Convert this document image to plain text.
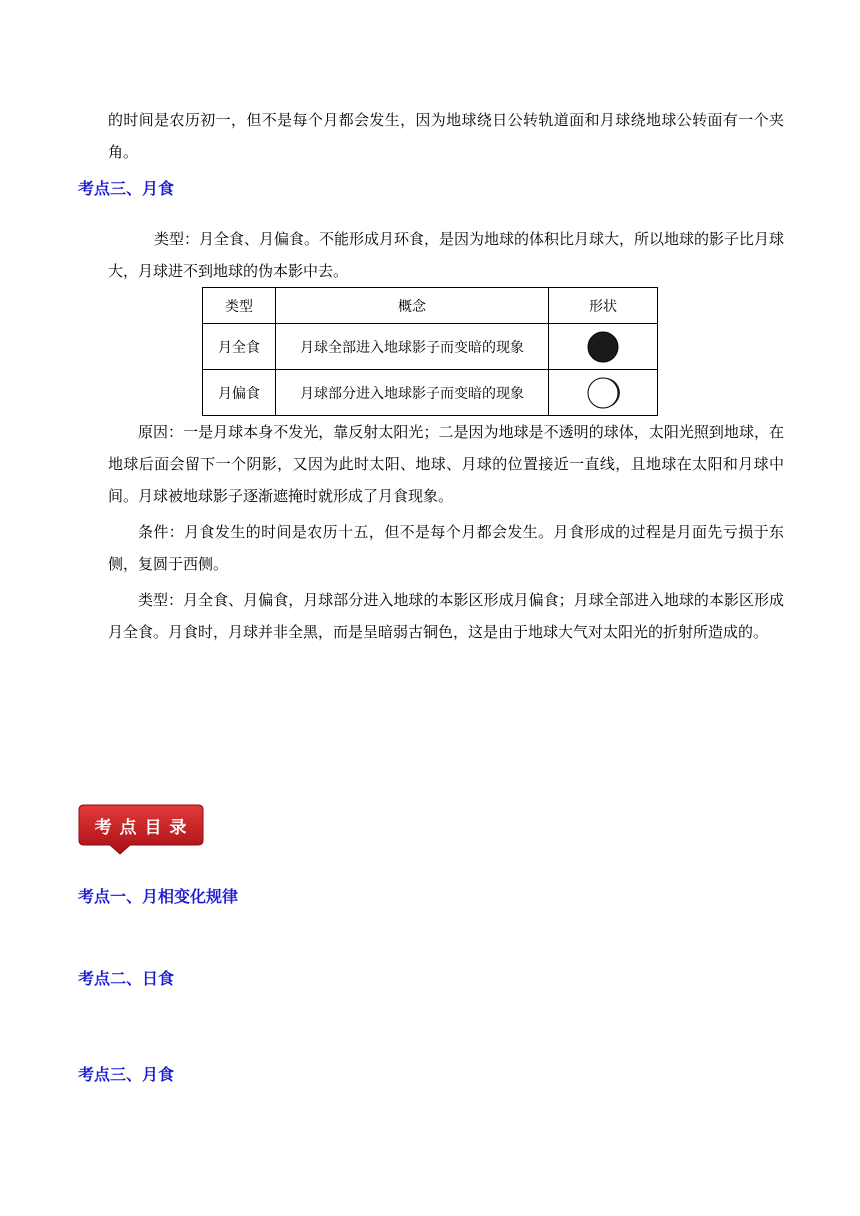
的时间是农历初一，但不是每个月都会发生，因为地球绕日公转轨道面和月球绕地球公转面有一个夹角。

考点三、月食

类型：月全食、月偏食。不能形成月环食，是因为地球的体积比月球大，所以地球的影子比月球大，月球进不到地球的伪本影中去。

类型	概念	形状
月全食	月球全部进入地球影子而变暗的现象	
月偏食	月球部分进入地球影子而变暗的现象	

原因：一是月球本身不发光，靠反射太阳光；二是因为地球是不透明的球体，太阳光照到地球，在地球后面会留下一个阴影，又因为此时太阳、地球、月球的位置接近一直线，且地球在太阳和月球中间。月球被地球影子逐渐遮掩时就形成了月食现象。

条件：月食发生的时间是农历十五，但不是每个月都会发生。月食形成的过程是月面先亏损于东侧，复圆于西侧。

类型：月全食、月偏食，月球部分进入地球的本影区形成月偏食；月球全部进入地球的本影区形成月全食。月食时，月球并非全黑，而是呈暗弱古铜色，这是由于地球大气对太阳光的折射所造成的。

考 点 目 录
考点一、月相变化规律
考点二、日食
考点三、月食
